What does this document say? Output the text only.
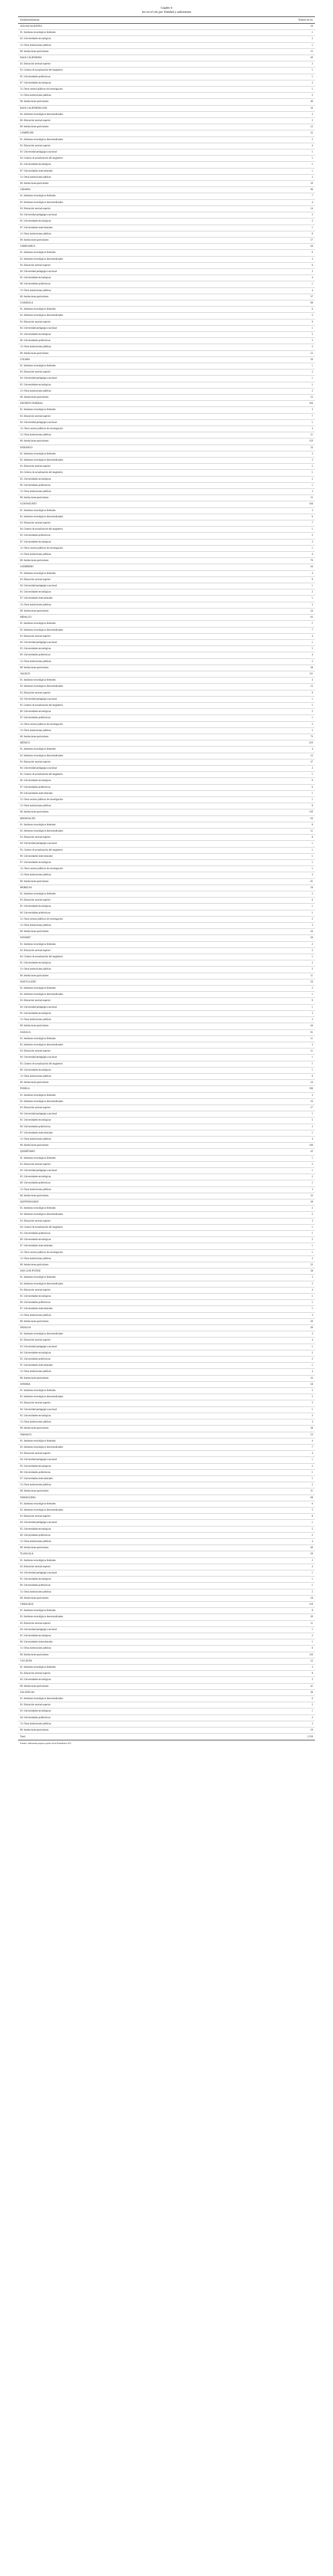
Cuadro 6
Ies en el ciie por Entidad y subsistema
Entidad/subsistema	Número de ies
AGUASCALIENTES	19
01. Institutos tecnológicos federales	1
02. Universidades tecnológicas	2
13. Otras instituciones públicas	1
08. Instituciones particulares	15
BAJA CALIFORNIA	49
02. Educación normal superior	2
03. Centros de actualización del magisterio	1
05. Universidades politécnicas	1
07. Universidades tecnológicas	2
12. Otras centros públicos de investigación	1
13. Otras instituciones públicas	2
08. Instituciones particulares	40
BAJA CALIFORNIA SUR	16
04. Institutos tecnológicos descentralizados	2
06. Educación normal superior	2
08. Instituciones particulares	12
CAMPECHE	25
01. Institutos tecnológicos descentralizados	5
02. Educación normal superior	4
03. Universidad pedagógica nacional	1
04. Centros de actualización del magisterio	1
05. Universidades tecnológicas	1
07. Universidades interculturales	1
13. Otras instituciones públicas	2
08. Instituciones particulares	10
CHIAPAS	96
01. Institutos tecnológicos federales	7
02. Institutos tecnológicos descentralizados	4
03. Educación normal superior	14
04. Universidad pedagógica nacional	3
05. Universidades tecnológicas	2
07. Universidades interculturales	1
13. Otras instituciones públicas	8
08. Instituciones particulares	57
CHIHUAHUA	64
01. Institutos tecnológicos federales	6
02. Institutos tecnológicos descentralizados	3
03. Educación normal superior	6
04. Universidad pedagógica nacional	3
05. Universidades tecnológicas	4
06. Universidades politécnicas	1
13. Otras instituciones públicas	4
08. Instituciones particulares	37
COAHUILA	88
01. Institutos tecnológicos federales	6
02. Institutos tecnológicos descentralizados	5
03. Educación normal superior	9
04. Universidad pedagógica nacional	1
05. Universidades tecnológicas	5
06. Universidades politécnicas	2
13. Otras instituciones públicas	5
08. Instituciones particulares	55
COLIMA	20
01. Institutos tecnológicos federales	1
03. Educación normal superior	2
04. Universidad pedagógica nacional	1
05. Universidades tecnológicas	1
13. Otras instituciones públicas	2
08. Instituciones particulares	13
DISTRITO FEDERAL	184
01. Institutos tecnológicos federales	3
03. Educación normal superior	7
04. Universidad pedagógica nacional	1
12. Otros centros públicos de investigación	3
13. Otras instituciones públicas	11
08. Instituciones particulares	159
DURANGO	33
01. Institutos tecnológicos federales	3
02. Institutos tecnológicos descentralizados	3
03. Educación normal superior	5
04. Centros de actualización del magisterio	1
05. Universidades tecnológicas	2
06. Universidades politécnicas	1
13. Otras instituciones públicas	3
08. Instituciones particulares	15
GUANAJUATO	104
01. Institutos tecnológicos federales	3
02. Institutos tecnológicos descentralizados	6
03. Educación normal superior	7
04. Centros de actualización del magisterio	1
05. Universidades politécnicas	3
07. Universidades tecnológicas	3
12. Otros centros públicos de investigación	1
13. Otras instituciones públicas	4
08. Instituciones particulares	76
GUERRERO	44
01. Institutos tecnológicos federales	4
03. Educación normal superior	9
04. Universidad pedagógica nacional	1
05. Universidades tecnológicas	2
07. Universidades interculturales	1
13. Otras instituciones públicas	3
08. Instituciones particulares	24
HIDALGO	62
01. Institutos tecnológicos federales	1
02. Institutos tecnológicos descentralizados	7
03. Educación normal superior	4
04. Universidad pedagógica nacional	1
05. Universidades tecnológicas	5
06. Universidades politécnicas	4
13. Otras instituciones públicas	2
08. Instituciones particulares	38
JALISCO	111
01. Institutos tecnológicos federales	4
02. Institutos tecnológicos descentralizados	13
03. Educación normal superior	9
04. Universidad pedagógica nacional	1
05. Centros de actualización del magisterio	1
06. Universidades tecnológicas	2
07. Universidades politécnicas	1
12. Otros centros públicos de investigación	2
13. Otras instituciones públicas	5
08. Instituciones particulares	73
MÉXICO	219
01. Institutos tecnológicos federales	4
02. Institutos tecnológicos descentralizados	13
03. Educación normal superior	37
04. Universidad pedagógica nacional	3
05. Centros de actualización del magisterio	1
06. Universidades tecnológicas	6
07. Universidades politécnicas	6
09. Universidades interculturales	1
12. Otros centros públicos de investigación	1
13. Otras instituciones públicas	8
08. Instituciones particulares	139
MICHOACÁN	94
01. Institutos tecnológicos federales	6
02. Institutos tecnológicos descentralizados	11
03. Educación normal superior	8
04. Universidad pedagógica nacional	1
05. Centros de actualización del magisterio	1
06. Universidades interculturales	1
07. Universidades tecnológicas	1
12. Otros centros públicos de investigación	1
13. Otras instituciones públicas	3
08. Instituciones particulares	61
MORELOS	59
01. Institutos tecnológicos federales	2
03. Educación normal superior	6
05. Universidades tecnológicas	1
06. Universidades politécnicas	1
12. Otros centros públicos de investigación	2
13. Otras instituciones públicas	3
08. Instituciones particulares	44
NAYARIT	20
01. Institutos tecnológicos federales	2
03. Educación normal superior	2
04. Centros de actualización del magisterio	1
05. Universidades tecnológicas	2
13. Otras instituciones públicas	2
08. Instituciones particulares	11
NUEVO LEÓN	59
01. Institutos tecnológicos federales	2
02. Institutos tecnológicos descentralizados	1
03. Educación normal superior	6
04. Universidad pedagógica nacional	1
05. Universidades tecnológicas	3
13. Otras instituciones públicas	2
08. Instituciones particulares	44
OAXACA	61
01. Institutos tecnológicos federales	11
02. Institutos tecnológicos descentralizados	3
03. Educación normal superior	11
04. Universidad pedagógica nacional	1
05. Centros de actualización del magisterio	1
06. Universidades tecnológicas	1
13. Otras instituciones públicas	9
08. Instituciones particulares	24
PUEBLA	190
01. Institutos tecnológicos federales	3
02. Institutos tecnológicos descentralizados	16
03. Educación normal superior	17
04. Universidad pedagógica nacional	1
05. Universidades tecnológicas	5
06. Universidades politécnicas	3
07. Universidades interculturales	1
13. Otras instituciones públicas	4
08. Instituciones particulares	140
QUERÉTARO	43
01. Institutos tecnológicos federales	1
03. Educación normal superior	2
04. Universidad pedagógica nacional	1
05. Universidades tecnológicas	2
06. Universidades politécnicas	1
13. Otras instituciones públicas	3
08. Instituciones particulares	33
QUINTANA ROO	38
01. Institutos tecnológicos federales	2
02. Institutos tecnológicos descentralizados	2
03. Educación normal superior	3
04. Centros de actualización del magisterio	1
05. Universidades politécnicas	1
06. Universidades tecnológicas	2
07. Universidades interculturales	1
12. Otros centros públicos de investigación	1
13. Otras instituciones públicas	3
08. Instituciones particulares	22
SAN LUIS POTOSÍ	38
01. Institutos tecnológicos federales	3
02. Institutos tecnológicos descentralizados	5
03. Educación normal superior	4
05. Universidades tecnológicas	1
06. Universidades politécnicas	1
07. Universidades interculturales	1
13. Otras instituciones públicas	3
08. Instituciones particulares	20
SINALOA	49
01. Institutos tecnológicos descentralizados	3
02. Educación normal superior	4
03. Universidad pedagógica nacional	1
04. Universidades tecnológicas	2
05. Universidades politécnicas	2
07. Universidades interculturales	1
13. Otras instituciones públicas	4
08. Instituciones particulares	32
SONORA	58
01. Institutos tecnológicos federales	5
02. Institutos tecnológicos descentralizados	2
03. Educación normal superior	5
04. Universidad pedagógica nacional	1
05. Universidades tecnológicas	3
13. Otras instituciones públicas	4
08. Instituciones particulares	38
TABASCO	53
01. Institutos tecnológicos federales	4
02. Institutos tecnológicos descentralizados	7
03. Educación normal superior	4
04. Universidad pedagógica nacional	1
05. Universidades tecnológicas	2
06. Universidades politécnicas	1
07. Universidades interculturales	1
13. Otras instituciones públicas	2
08. Instituciones particulares	31
TAMAULIPAS	68
01. Institutos tecnológicos federales	6
02. Institutos tecnológicos descentralizados	2
03. Educación normal superior	8
04. Universidad pedagógica nacional	1
05. Universidades tecnológicas	5
06. Universidades politécnicas	2
13. Otras instituciones públicas	4
08. Instituciones particulares	40
TLAXCALA	29
01. Institutos tecnológicos federales	2
03. Educación normal superior	4
04. Universidad pedagógica nacional	1
05. Universidades tecnológicas	1
06. Universidades politécnicas	1
13. Otras instituciones públicas	2
08. Instituciones particulares	18
VERACRUZ	159
01. Institutos tecnológicos federales	8
02. Institutos tecnológicos descentralizados	20
03. Educación normal superior	11
04. Universidad pedagógica nacional	1
05. Universidades tecnológicas	2
06. Universidades interculturales	1
13. Otras instituciones públicas	6
08. Instituciones particulares	110
YUCATÁN	55
01. Institutos tecnológicos federales	3
02. Educación normal superior	8
04. Universidades tecnológicas	3
08. Instituciones particulares	41
ZACATECAS	36
01. Institutos tecnológicos descentralizados	6
02. Educación normal superior	5
03. Universidades tecnológicas	1
04. Universidades politécnicas	2
13. Otras instituciones públicas	3
08. Instituciones particulares	19
Total	2 250
Fuente: elaborado propia a partir de la Estadística 911.
